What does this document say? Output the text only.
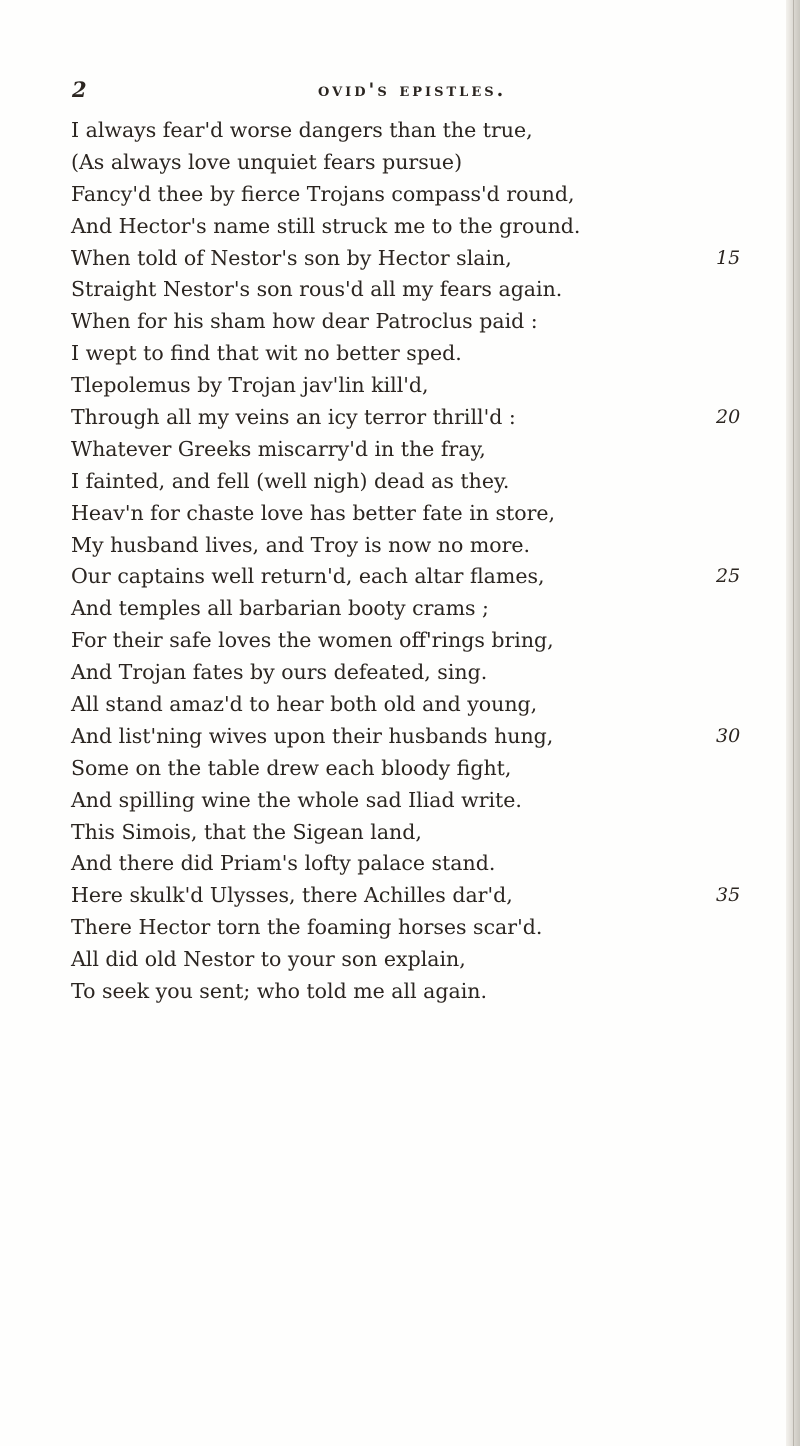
2	ovid's epistles.
I always fear'd worse dangers than the true,
(As always love unquiet fears pursue)
Fancy'd thee by fierce Trojans compass'd round,
And Hector's name still struck me to the ground.
When told of Nestor's son by Hector slain,	15
Straight Nestor's son rous'd all my fears again.
When for his sham how dear Patroclus paid :
I wept to find that wit no better sped.
Tlepolemus by Trojan jav'lin kill'd,
Through all my veins an icy terror thrill'd :	20
Whatever Greeks miscarry'd in the fray,
I fainted, and fell (well nigh) dead as they.
Heav'n for chaste love has better fate in store,
My husband lives, and Troy is now no more.
Our captains well return'd, each altar flames,	25
And temples all barbarian booty crams ;
For their safe loves the women off'rings bring,
And Trojan fates by ours defeated, sing.
All stand amaz'd to hear both old and young,
And list'ning wives upon their husbands hung,	30
Some on the table drew each bloody fight,
And spilling wine the whole sad Iliad write.
This Simois, that the Sigean land,
And there did Priam's lofty palace stand.
Here skulk'd Ulysses, there Achilles dar'd,	35
There Hector torn the foaming horses scar'd.
All did old Nestor to your son explain,
To seek you sent; who told me all again.
